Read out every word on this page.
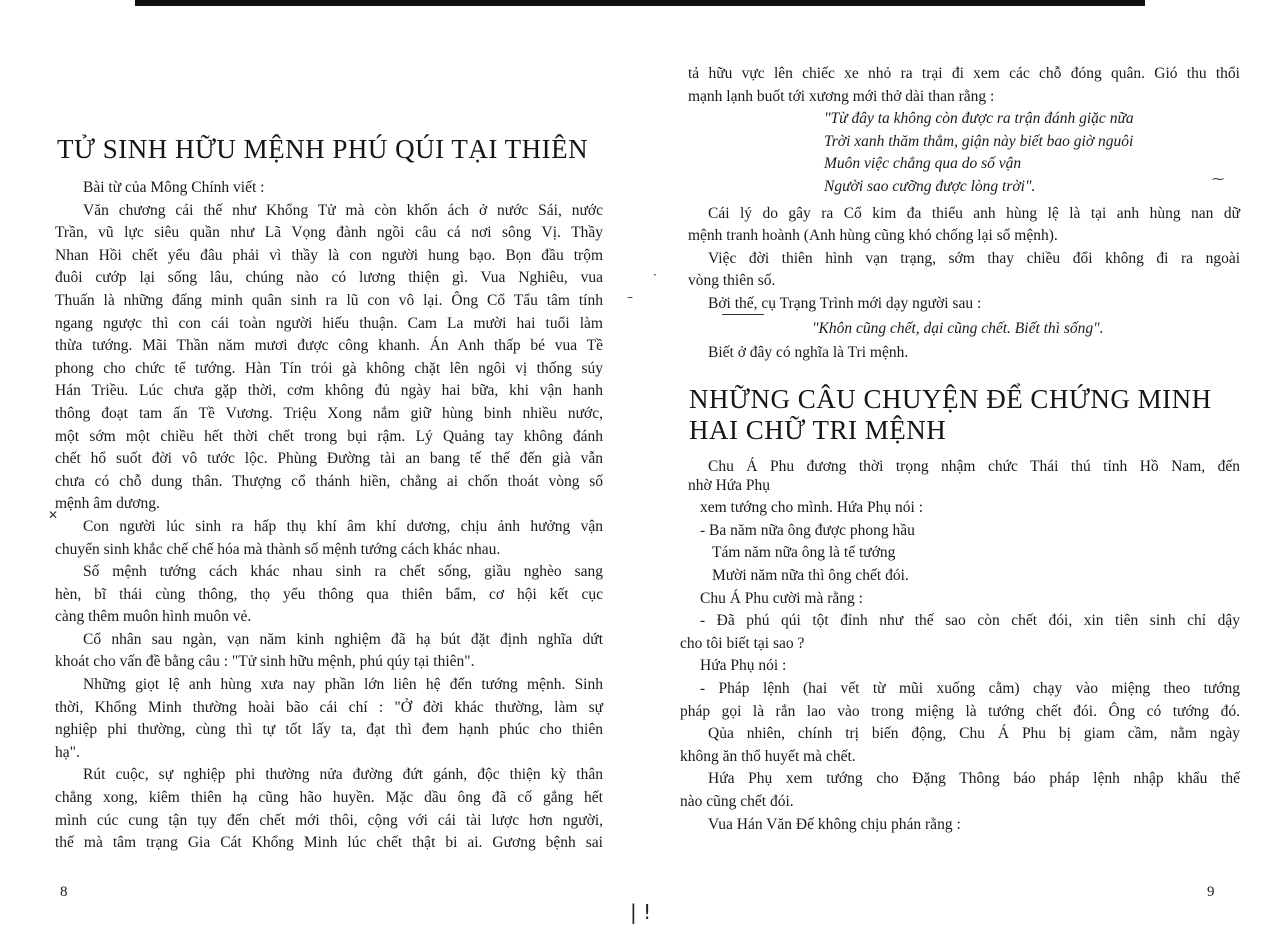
TỬ SINH HỮU MỆNH PHÚ QÚI TẠI THIÊN
Bài từ của Mông Chính viết :
Văn chương cái thế như Khổng Tử mà còn khốn ách ở nước Sái, nước
Trần, vũ lực siêu quần như Lã Vọng đành ngồi câu cá nơi sông Vị. Thầy
Nhan Hồi chết yểu đâu phải vì thầy là con người hung bạo. Bọn đầu trộm
đuôi cướp lại sống lâu, chúng nào có lương thiện gì. Vua Nghiêu, vua
Thuấn là những đấng minh quân sinh ra lũ con vô lại. Ông Cổ Tẩu tâm tính
ngang ngược thì con cái toàn người hiếu thuận. Cam La mười hai tuổi làm
thừa tướng. Mãi Thần năm mươi được công khanh. Án Anh thấp bé vua Tề
phong cho chức tể tướng. Hàn Tín trói gà không chặt lên ngôi vị thống súy
Hán Triều. Lúc chưa gặp thời, cơm không đủ ngày hai bữa, khi vận hanh
thông đoạt tam ấn Tề Vương. Triệu Xong nắm giữ hùng binh nhiều nước,
một sớm một chiều hết thời chết trong bụi rậm. Lý Quảng tay không đánh
chết hổ suốt đời vô tước lộc. Phùng Đường tài an bang tế thế đến già vẫn
chưa có chỗ dung thân. Thượng cổ thánh hiền, chẳng ai chốn thoát vòng số
mệnh âm dương.
Con người lúc sinh ra hấp thụ khí âm khí dương, chịu ảnh hưởng vận
chuyển sinh khắc chế chế hóa mà thành số mệnh tướng cách khác nhau.
Số mệnh tướng cách khác nhau sinh ra chết sống, giầu nghèo sang
hèn, bĩ thái cùng thông, thọ yểu thông qua thiên bẩm, cơ hội kết cục
càng thêm muôn hình muôn vẻ.
Cổ nhân sau ngàn, vạn năm kinh nghiệm đã hạ bút đặt định nghĩa dứt
khoát cho vấn đề bằng câu : "Tử sinh hữu mệnh, phú qúy tại thiên".
Những giọt lệ anh hùng xưa nay phần lớn liên hệ đến tướng mệnh. Sinh
thời, Khổng Minh thường hoài bão cái chí : "Ở đời khác thường, làm sự
nghiệp phi thường, cùng thì tự tốt lấy ta, đạt thì đem hạnh phúc cho thiên
hạ".
Rút cuộc, sự nghiệp phi thường nửa đường đứt gánh, độc thiện kỳ thân
chẳng xong, kiêm thiên hạ cũng hão huyền. Mặc dầu ông đã cố gắng hết
mình cúc cung tận tụy đến chết mới thôi, cộng với cái tài lược hơn người,
thế mà tâm trạng Gia Cát Khổng Minh lúc chết thật bi ai. Gương bệnh sai
8
tả hữu vực lên chiếc xe nhỏ ra trại đi xem các chỗ đóng quân. Gió thu thổi
mạnh lạnh buốt tới xương mới thở dài than rằng :
"Từ đây ta không còn được ra trận đánh giặc nữa
Trời xanh thăm thẳm, giận này biết bao giờ nguôi
Muôn việc chẳng qua do số vận
Người sao cưỡng được lòng trời".
Cái lý do gây ra Cổ kim đa thiểu anh hùng lệ là tại anh hùng nan dữ
mệnh tranh hoành (Anh hùng cũng khó chống lại số mệnh).
Việc đời thiên hình vạn trạng, sớm thay chiều đổi không đi ra ngoài
vòng thiên số.
Bởi thế, cụ Trạng Trình mới dạy người sau :
"Khôn cũng chết, dại cũng chết. Biết thì sống".
Biết ở đây có nghĩa là Tri mệnh.
NHỮNG CÂU CHUYỆN ĐỂ CHỨNG MINH
HAI CHỮ TRI MỆNH
Chu Á Phu đương thời trọng nhậm chức Thái thú tỉnh Hồ Nam, đến
nhờ Hứa Phụ
xem tướng cho mình. Hứa Phụ nói :
- Ba năm nữa ông được phong hầu
Tám năm nữa ông là tể tướng
Mười năm nữa thì ông chết đói.
Chu Á Phu cười mà rằng :
- Đã phú qúi tột đỉnh như thế sao còn chết đói, xin tiên sinh chỉ dậy
cho tôi biết tại sao ?
Hứa Phụ nói :
- Pháp lệnh (hai vết từ mũi xuống cằm) chạy vào miệng theo tướng
pháp gọi là rắn lao vào trong miệng là tướng chết đói. Ông có tướng đó.
Qủa nhiên, chính trị biến động, Chu Á Phu bị giam cầm, nằm ngày
không ăn thổ huyết mà chết.
Hứa Phụ xem tướng cho Đặng Thông báo pháp lệnh nhập khẩu thế
nào cũng chết đói.
Vua Hán Văn Đế không chịu phán rằng :
9
| !
✕
–
·
⁓
